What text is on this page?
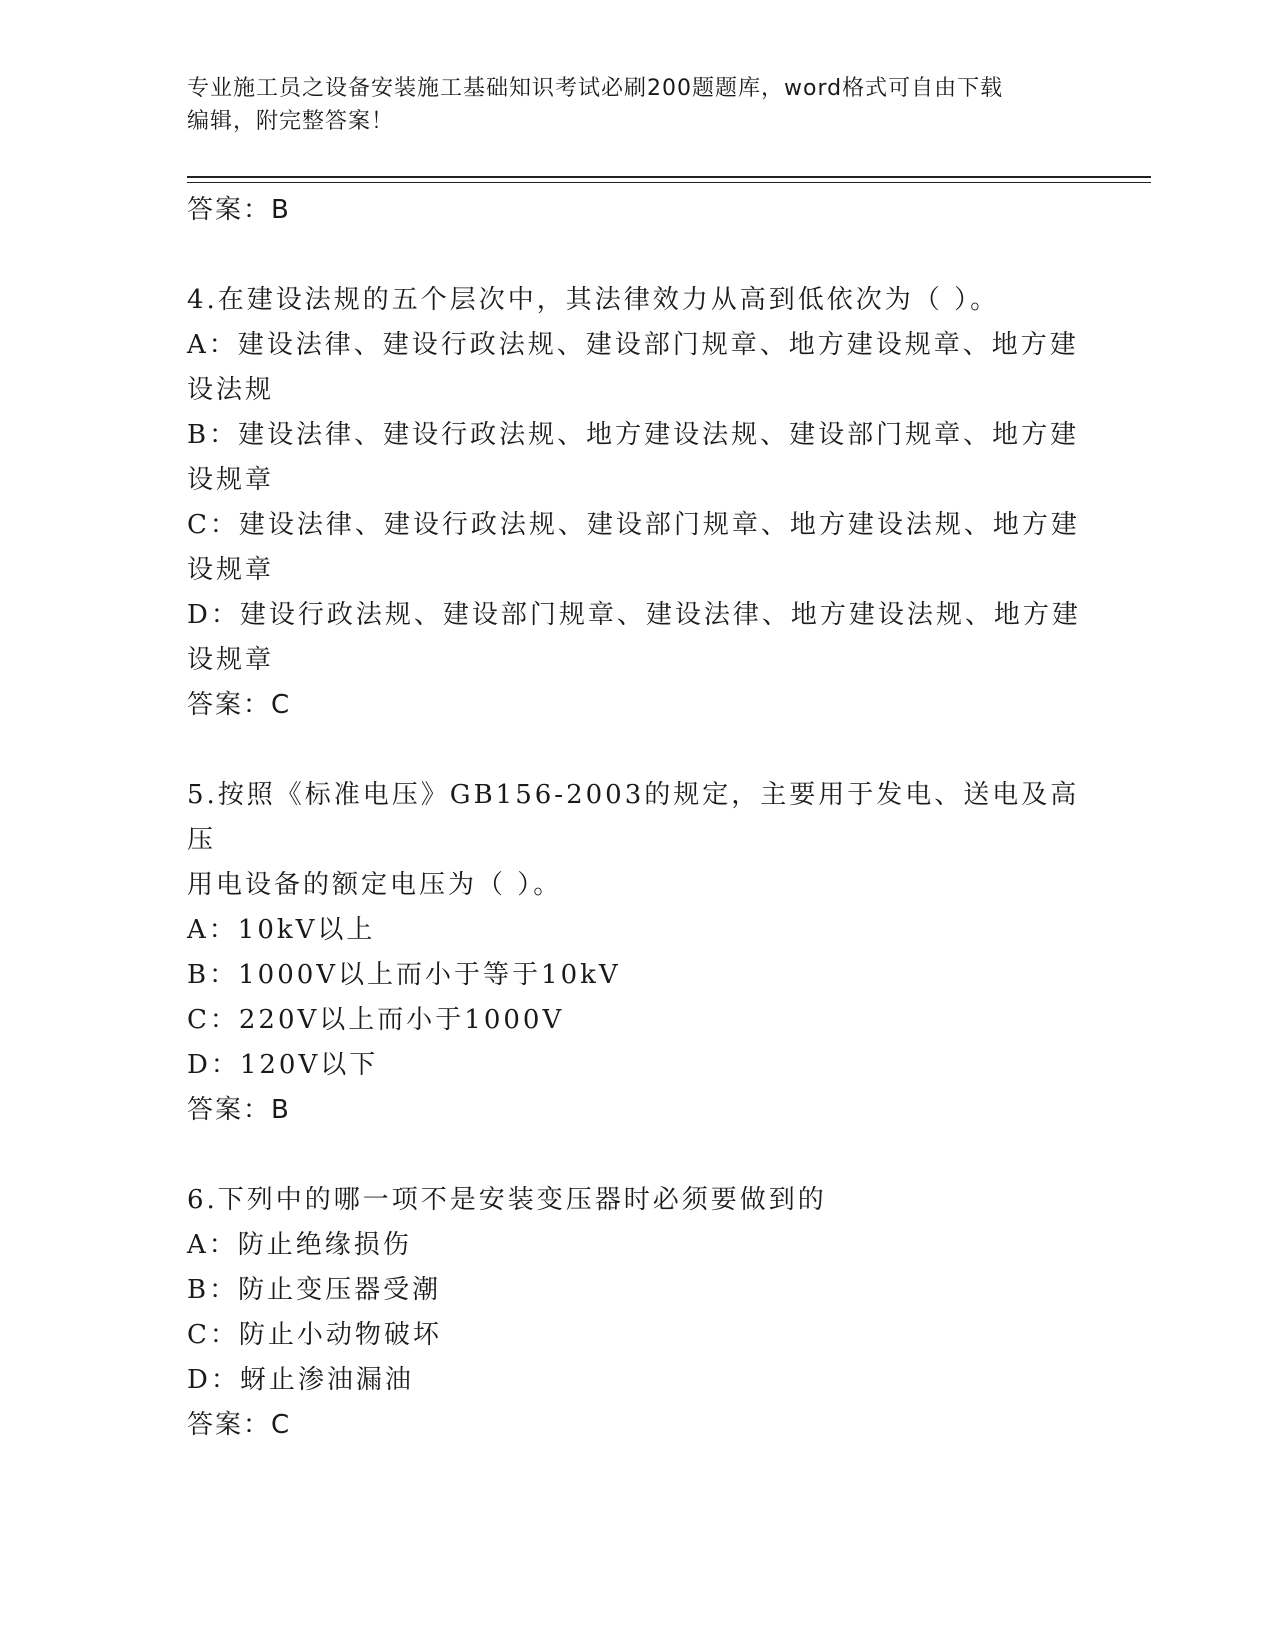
专业施工员之设备安装施工基础知识考试必刷200题题库，word格式可自由下载
编辑，附完整答案！

答案：B

4.在建设法规的五个层次中，其法律效力从高到低依次为（ ）。

A：建设法律、建设行政法规、建设部门规章、地方建设规章、地方建

设法规

B：建设法律、建设行政法规、地方建设法规、建设部门规章、地方建

设规章

C：建设法律、建设行政法规、建设部门规章、地方建设法规、地方建

设规章

D：建设行政法规、建设部门规章、建设法律、地方建设法规、地方建

设规章

答案：C

5.按照《标准电压》GB156-2003的规定，主要用于发电、送电及高压

用电设备的额定电压为（ ）。

A：10kV以上

B：1000V以上而小于等于10kV

C：220V以上而小于1000V

D：120V以下

答案：B

6.下列中的哪一项不是安装变压器时必须要做到的

A：防止绝缘损伤

B：防止变压器受潮

C：防止小动物破坏

D：蚜止渗油漏油

答案：C
